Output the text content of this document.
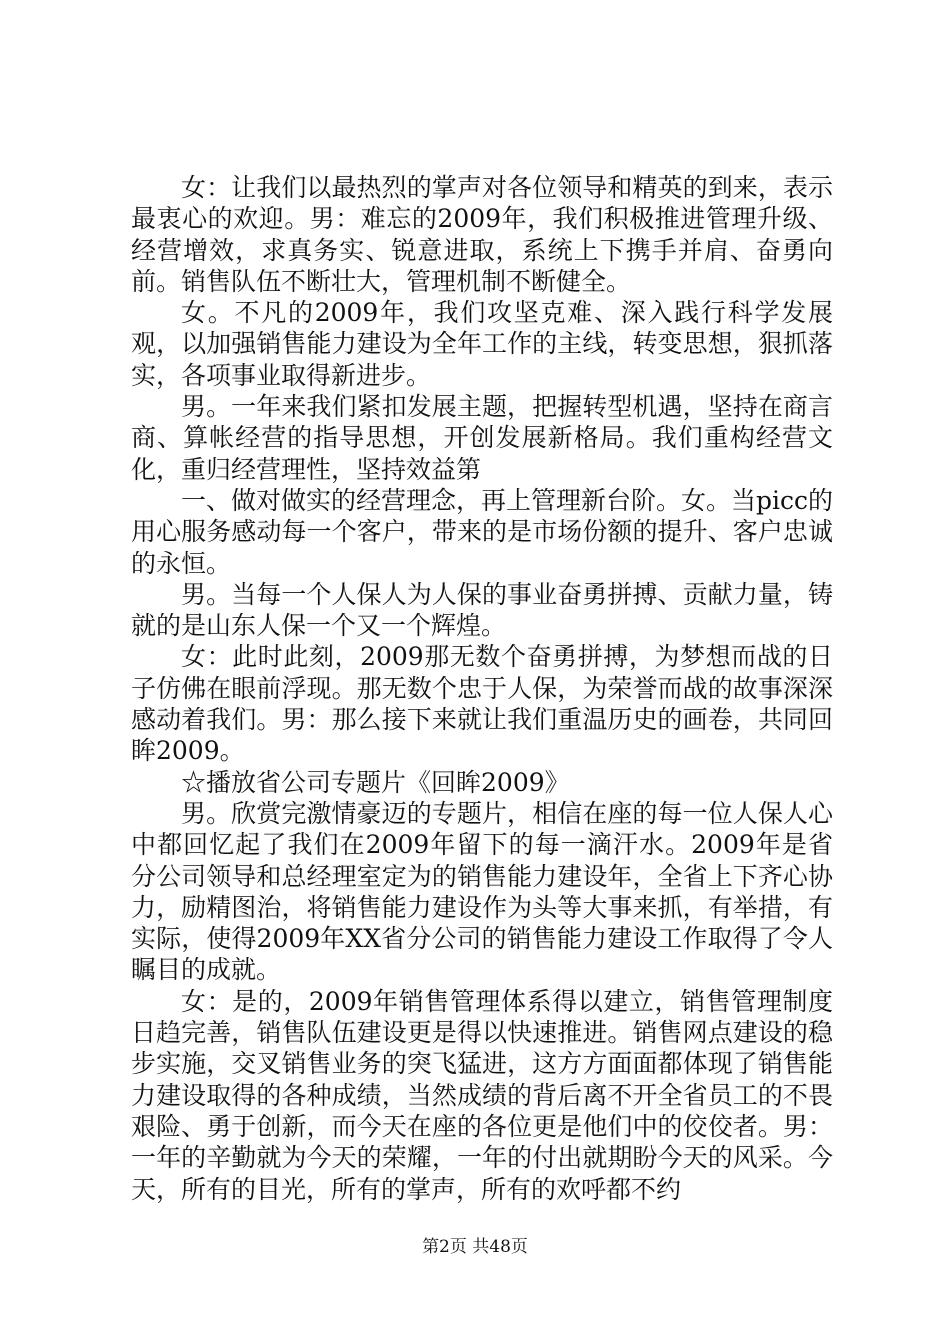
女：让我们以最热烈的掌声对各位领导和精英的到来，表示最衷心的欢迎。男：难忘的2009年，我们积极推进管理升级、经营增效，求真务实、锐意进取，系统上下携手并肩、奋勇向前。销售队伍不断壮大，管理机制不断健全。

女。不凡的2009年，我们攻坚克难、深入践行科学发展观，以加强销售能力建设为全年工作的主线，转变思想，狠抓落实，各项事业取得新进步。

男。一年来我们紧扣发展主题，把握转型机遇，坚持在商言商、算帐经营的指导思想，开创发展新格局。我们重构经营文化，重归经营理性，坚持效益第

一、做对做实的经营理念，再上管理新台阶。女。当picc的用心服务感动每一个客户，带来的是市场份额的提升、客户忠诚的永恒。

男。当每一个人保人为人保的事业奋勇拼搏、贡献力量，铸就的是山东人保一个又一个辉煌。

女：此时此刻，2009那无数个奋勇拼搏，为梦想而战的日子仿佛在眼前浮现。那无数个忠于人保，为荣誉而战的故事深深感动着我们。男：那么接下来就让我们重温历史的画卷，共同回眸2009。

☆播放省公司专题片《回眸2009》

男。欣赏完激情豪迈的专题片，相信在座的每一位人保人心中都回忆起了我们在2009年留下的每一滴汗水。2009年是省分公司领导和总经理室定为的销售能力建设年，全省上下齐心协力，励精图治，将销售能力建设作为头等大事来抓，有举措，有实际，使得2009年XX省分公司的销售能力建设工作取得了令人瞩目的成就。

女：是的，2009年销售管理体系得以建立，销售管理制度日趋完善，销售队伍建设更是得以快速推进。销售网点建设的稳步实施，交叉销售业务的突飞猛进，这方方面面都体现了销售能力建设取得的各种成绩，当然成绩的背后离不开全省员工的不畏艰险、勇于创新，而今天在座的各位更是他们中的佼佼者。男：一年的辛勤就为今天的荣耀，一年的付出就期盼今天的风采。今天，所有的目光，所有的掌声，所有的欢呼都不约

第2页 共48页
